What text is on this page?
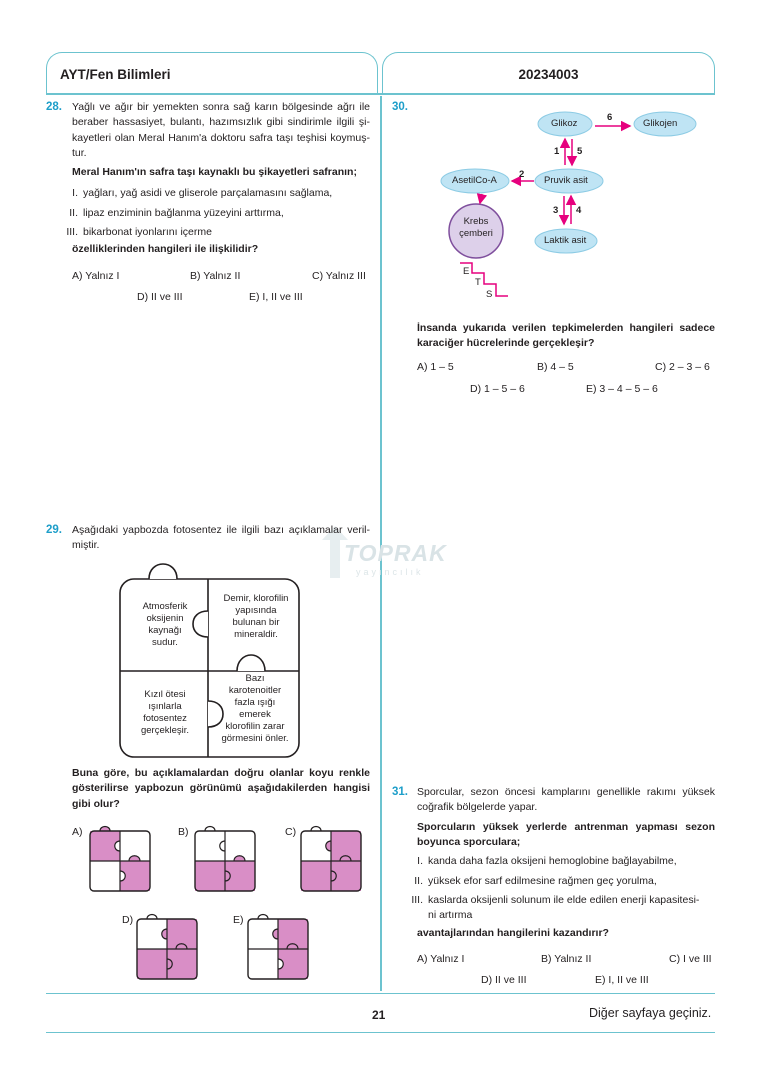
AYT/Fen Bilimleri	20234003
TOPRAK
yayıncılık
28. Yağlı ve ağır bir yemekten sonra sağ karın bölgesinde ağrı ile
beraber hassasiyet, bulantı, hazımsızlık gibi sindirimle ilgili şi-
kayetleri olan Meral Hanım'a doktoru safra taşı teşhisi koymuş-
tur.
Meral Hanım'ın safra taşı kaynaklı bu şikayetleri safranın;
I. yağları, yağ asidi ve gliserole parçalamasını sağlama,
II. lipaz enziminin bağlanma yüzeyini arttırma,
III. bikarbonat iyonlarını içerme
özelliklerinden hangileri ile ilişkilidir?
A) Yalnız I	B) Yalnız II	C) Yalnız III
D) II ve III	E) I, II ve III
29. Aşağıdaki yapbozda fotosentez ile ilgili bazı açıklamalar veril-
miştir.
Atmosferik
oksijenin
kaynağı
sudur.
Demir, klorofilin
yapısında
bulunan bir
mineraldir.
Kızıl ötesi
ışınlarla
fotosentez
gerçekleşir.
Bazı
karotenoitler
fazla ışığı
emerek
klorofilin zarar
görmesini önler.
Buna göre, bu açıklamalardan doğru olanlar koyu renkle
gösterilirse yapbozun görünümü aşağıdakilerden hangisi
gibi olur?
A)	B)	C)
D)	E)
30.
Glikoz	Glikojen
AsetilCo-A	Pruvik asit
Laktik asit
Krebs
çemberi
6
1 5
2
3 4
E
T
S
İnsanda yukarıda verilen tepkimelerden hangileri sadece
karaciğer hücrelerinde gerçekleşir?
A) 1 – 5	B) 4 – 5	C) 2 – 3 – 6
D) 1 – 5 – 6	E) 3 – 4 – 5 – 6
31. Sporcular, sezon öncesi kamplarını genellikle rakımı yüksek
coğrafik bölgelerde yapar.
Sporcuların yüksek yerlerde antrenman yapması sezon
boyunca sporculara;
I. kanda daha fazla oksijeni hemoglobine bağlayabilme,
II. yüksek efor sarf edilmesine rağmen geç yorulma,
III. kaslarda oksijenli solunum ile elde edilen enerji kapasitesi-
ni artırma
avantajlarından hangilerini kazandırır?
A) Yalnız I	B) Yalnız II	C) I ve III
D) II ve III	E) I, II ve III
21	Diğer sayfaya geçiniz.
